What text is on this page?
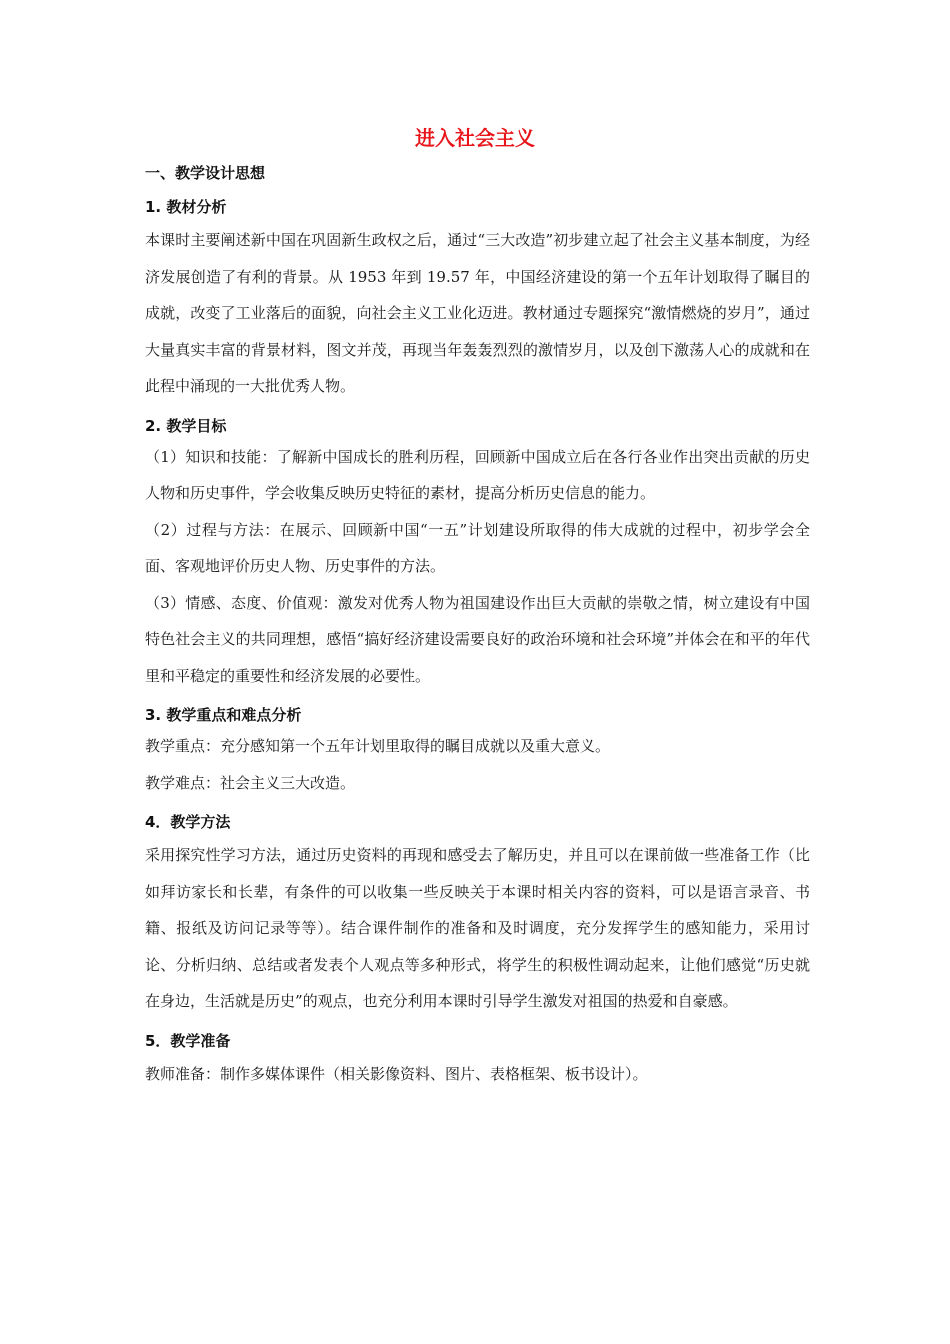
进入社会主义

一、教学设计思想

1. 教材分析

本课时主要阐述新中国在巩固新生政权之后，通过“三大改造”初步建立起了社会主义基本制度，为经济发展创造了有利的背景。从 1953 年到 19.57 年，中国经济建设的第一个五年计划取得了瞩目的成就，改变了工业落后的面貌，向社会主义工业化迈进。教材通过专题探究“激情燃烧的岁月”，通过大量真实丰富的背景材料，图文并茂，再现当年轰轰烈烈的激情岁月，以及创下激荡人心的成就和在此程中涌现的一大批优秀人物。

2. 教学目标

（1）知识和技能：了解新中国成长的胜利历程，回顾新中国成立后在各行各业作出突出贡献的历史人物和历史事件，学会收集反映历史特征的素材，提高分析历史信息的能力。

（2）过程与方法：在展示、回顾新中国“一五”计划建设所取得的伟大成就的过程中，初步学会全面、客观地评价历史人物、历史事件的方法。

（3）情感、态度、价值观：激发对优秀人物为祖国建设作出巨大贡献的崇敬之情，树立建设有中国特色社会主义的共同理想，感悟“搞好经济建设需要良好的政治环境和社会环境”并体会在和平的年代里和平稳定的重要性和经济发展的必要性。

3. 教学重点和难点分析

教学重点：充分感知第一个五年计划里取得的瞩目成就以及重大意义。

教学难点：社会主义三大改造。

4．教学方法

采用探究性学习方法，通过历史资料的再现和感受去了解历史，并且可以在课前做一些准备工作（比如拜访家长和长辈，有条件的可以收集一些反映关于本课时相关内容的资料，可以是语言录音、书籍、报纸及访问记录等等）。结合课件制作的准备和及时调度，充分发挥学生的感知能力，采用讨论、分析归纳、总结或者发表个人观点等多种形式，将学生的积极性调动起来，让他们感觉“历史就在身边，生活就是历史”的观点，也充分利用本课时引导学生激发对祖国的热爱和自豪感。

5．教学准备

教师准备：制作多媒体课件（相关影像资料、图片、表格框架、板书设计）。
